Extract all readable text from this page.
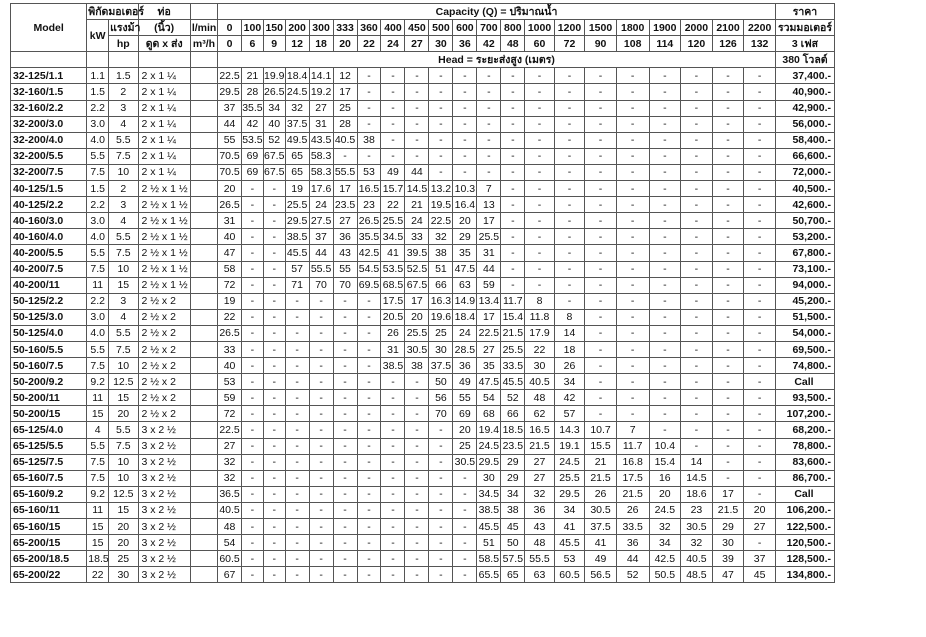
Model	พิกัดมอเตอร์		ท่อ		Capacity (Q) = ปริมาณน้ำ																					ราคา
	kW	แรงม้า	(นิ้ว)	l/min	0	100	150	200	300	333	360	400	450	500	600	700	800	1000	1200	1500	1800	1900	2000	2100	2200	รวมมอเตอร์
		hp	ดูด x ส่ง	m³/h	0	6	9	12	18	20	22	24	27	30	36	42	48	60	72	90	108	114	120	126	132	3 เฟส
					Head = ระยะส่งสูง (เมตร)																					380 โวลต์
32-125/1.1	1.1	1.5	2 x 1 ¼		22.5	21	19.9	18.4	14.1	12	-	-	-	-	-	-	-	-	-	-	-	-	-	-	-	37,400.-
32-160/1.5	1.5	2	2 x 1 ¼		29.5	28	26.5	24.5	19.2	17	-	-	-	-	-	-	-	-	-	-	-	-	-	-	-	40,900.-
32-160/2.2	2.2	3	2 x 1 ¼		37	35.5	34	32	27	25	-	-	-	-	-	-	-	-	-	-	-	-	-	-	-	42,900.-
32-200/3.0	3.0	4	2 x 1 ¼		44	42	40	37.5	31	28	-	-	-	-	-	-	-	-	-	-	-	-	-	-	-	56,000.-
32-200/4.0	4.0	5.5	2 x 1 ¼		55	53.5	52	49.5	43.5	40.5	38	-	-	-	-	-	-	-	-	-	-	-	-	-	-	58,400.-
32-200/5.5	5.5	7.5	2 x 1 ¼		70.5	69	67.5	65	58.3	-	-	-	-	-	-	-	-	-	-	-	-	-	-	-	-	66,600.-
32-200/7.5	7.5	10	2 x 1 ¼		70.5	69	67.5	65	58.3	55.5	53	49	44	-	-	-	-	-	-	-	-	-	-	-	-	72,000.-
40-125/1.5	1.5	2	2 ½ x 1 ½		20	-	-	19	17.6	17	16.5	15.7	14.5	13.2	10.3	7	-	-	-	-	-	-	-	-	-	40,500.-
40-125/2.2	2.2	3	2 ½ x 1 ½		26.5	-	-	25.5	24	23.5	23	22	21	19.5	16.4	13	-	-	-	-	-	-	-	-	-	42,600.-
40-160/3.0	3.0	4	2 ½ x 1 ½		31	-	-	29.5	27.5	27	26.5	25.5	24	22.5	20	17	-	-	-	-	-	-	-	-	-	50,700.-
40-160/4.0	4.0	5.5	2 ½ x 1 ½		40	-	-	38.5	37	36	35.5	34.5	33	32	29	25.5	-	-	-	-	-	-	-	-	-	53,200.-
40-200/5.5	5.5	7.5	2 ½ x 1 ½		47	-	-	45.5	44	43	42.5	41	39.5	38	35	31	-	-	-	-	-	-	-	-	-	67,800.-
40-200/7.5	7.5	10	2 ½ x 1 ½		58	-	-	57	55.5	55	54.5	53.5	52.5	51	47.5	44	-	-	-	-	-	-	-	-	-	73,100.-
40-200/11	11	15	2 ½ x 1 ½		72	-	-	71	70	70	69.5	68.5	67.5	66	63	59	-	-	-	-	-	-	-	-	-	94,000.-
50-125/2.2	2.2	3	2 ½ x 2		19	-	-	-	-	-	-	17.5	17	16.3	14.9	13.4	11.7	8	-	-	-	-	-	-	-	45,200.-
50-125/3.0	3.0	4	2 ½ x 2		22	-	-	-	-	-	-	20.5	20	19.6	18.4	17	15.4	11.8	8	-	-	-	-	-	-	51,500.-
50-125/4.0	4.0	5.5	2 ½ x 2		26.5	-	-	-	-	-	-	26	25.5	25	24	22.5	21.5	17.9	14	-	-	-	-	-	-	54,000.-
50-160/5.5	5.5	7.5	2 ½ x 2		33	-	-	-	-	-	-	31	30.5	30	28.5	27	25.5	22	18	-	-	-	-	-	-	69,500.-
50-160/7.5	7.5	10	2 ½ x 2		40	-	-	-	-	-	-	38.5	38	37.5	36	35	33.5	30	26	-	-	-	-	-	-	74,800.-
50-200/9.2	9.2	12.5	2 ½ x 2		53	-	-	-	-	-	-	-	-	50	49	47.5	45.5	40.5	34	-	-	-	-	-	-	Call
50-200/11	11	15	2 ½ x 2		59	-	-	-	-	-	-	-	-	56	55	54	52	48	42	-	-	-	-	-	-	93,500.-
50-200/15	15	20	2 ½ x 2		72	-	-	-	-	-	-	-	-	70	69	68	66	62	57	-	-	-	-	-	-	107,200.-
65-125/4.0	4	5.5	3 x 2 ½		22.5	-	-	-	-	-	-	-	-	-	20	19.4	18.5	16.5	14.3	10.7	7	-	-	-	-	68,200.-
65-125/5.5	5.5	7.5	3 x 2 ½		27	-	-	-	-	-	-	-	-	-	25	24.5	23.5	21.5	19.1	15.5	11.7	10.4	-	-	-	78,800.-
65-125/7.5	7.5	10	3 x 2 ½		32	-	-	-	-	-	-	-	-	-	30.5	29.5	29	27	24.5	21	16.8	15.4	14	-	-	83,600.-
65-160/7.5	7.5	10	3 x 2 ½		32	-	-	-	-	-	-	-	-	-	-	30	29	27	25.5	21.5	17.5	16	14.5	-	-	86,700.-
65-160/9.2	9.2	12.5	3 x 2 ½		36.5	-	-	-	-	-	-	-	-	-	-	34.5	34	32	29.5	26	21.5	20	18.6	17	-	Call
65-160/11	11	15	3 x 2 ½		40.5	-	-	-	-	-	-	-	-	-	-	38.5	38	36	34	30.5	26	24.5	23	21.5	20	106,200.-
65-160/15	15	20	3 x 2 ½		48	-	-	-	-	-	-	-	-	-	-	45.5	45	43	41	37.5	33.5	32	30.5	29	27	122,500.-
65-200/15	15	20	3 x 2 ½		54	-	-	-	-	-	-	-	-	-	-	51	50	48	45.5	41	36	34	32	30	-	120,500.-
65-200/18.5	18.5	25	3 x 2 ½		60.5	-	-	-	-	-	-	-	-	-	-	58.5	57.5	55.5	53	49	44	42.5	40.5	39	37	128,500.-
65-200/22	22	30	3 x 2 ½		67	-	-	-	-	-	-	-	-	-	-	65.5	65	63	60.5	56.5	52	50.5	48.5	47	45	134,800.-
